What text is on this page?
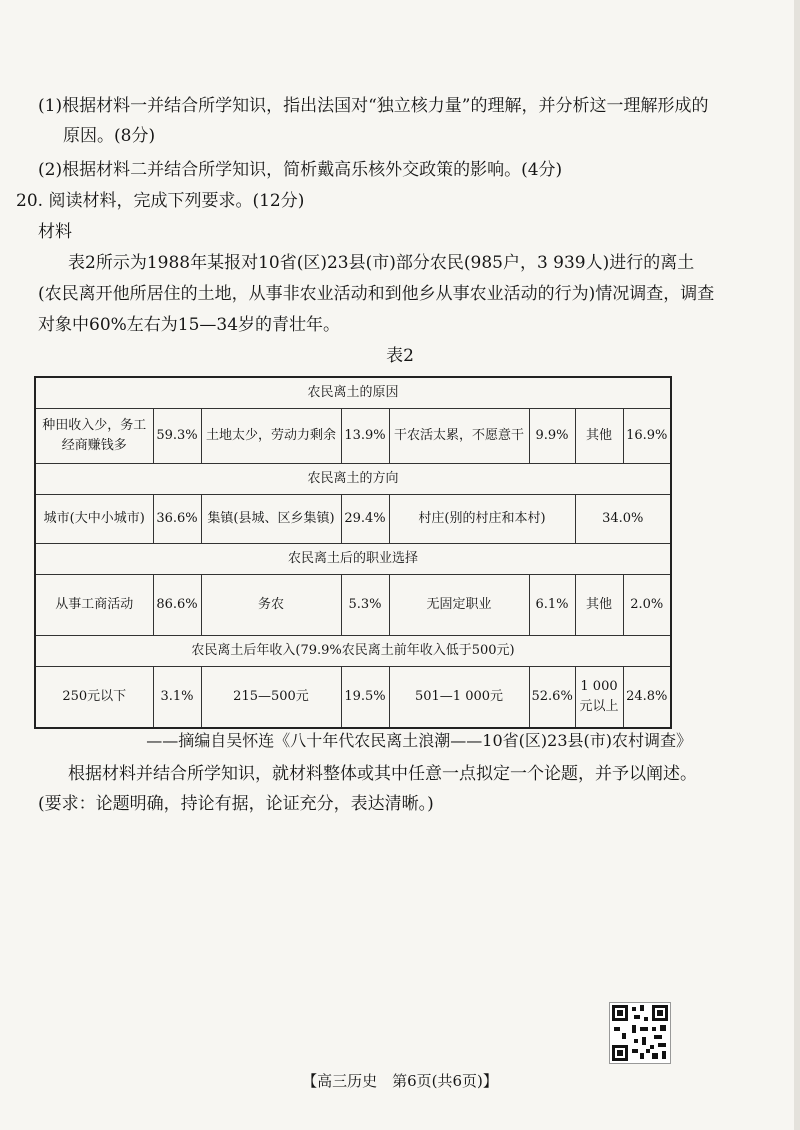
(1)根据材料一并结合所学知识，指出法国对“独立核力量”的理解，并分析这一理解形成的
原因。(8分)
(2)根据材料二并结合所学知识，简析戴高乐核外交政策的影响。(4分)
20. 阅读材料，完成下列要求。(12分)
材料
表2所示为1988年某报对10省(区)23县(市)部分农民(985户，3 939人)进行的离土
(农民离开他所居住的土地，从事非农业活动和到他乡从事农业活动的行为)情况调查，调查
对象中60%左右为15—34岁的青壮年。
表2
农民离土的原因							
种田收入少，务工经商赚钱多	59.3%	土地太少，劳动力剩余	13.9%	干农活太累，不愿意干	9.9%	其他	16.9%
农民离土的方向							
城市(大中小城市)	36.6%	集镇(县城、区乡集镇)	29.4%	村庄(别的村庄和本村)		34.0%	
农民离土后的职业选择							
从事工商活动	86.6%	务农	5.3%	无固定职业	6.1%	其他	2.0%
农民离土后年收入(79.9%农民离土前年收入低于500元)							
250元以下	3.1%	215—500元	19.5%	501—1 000元	52.6%	1 000元以上	24.8%
——摘编自吴怀连《八十年代农民离土浪潮——10省(区)23县(市)农村调查》
根据材料并结合所学知识，就材料整体或其中任意一点拟定一个论题，并予以阐述。
(要求：论题明确，持论有据，论证充分，表达清晰。)
【高三历史　第6页(共6页)】
